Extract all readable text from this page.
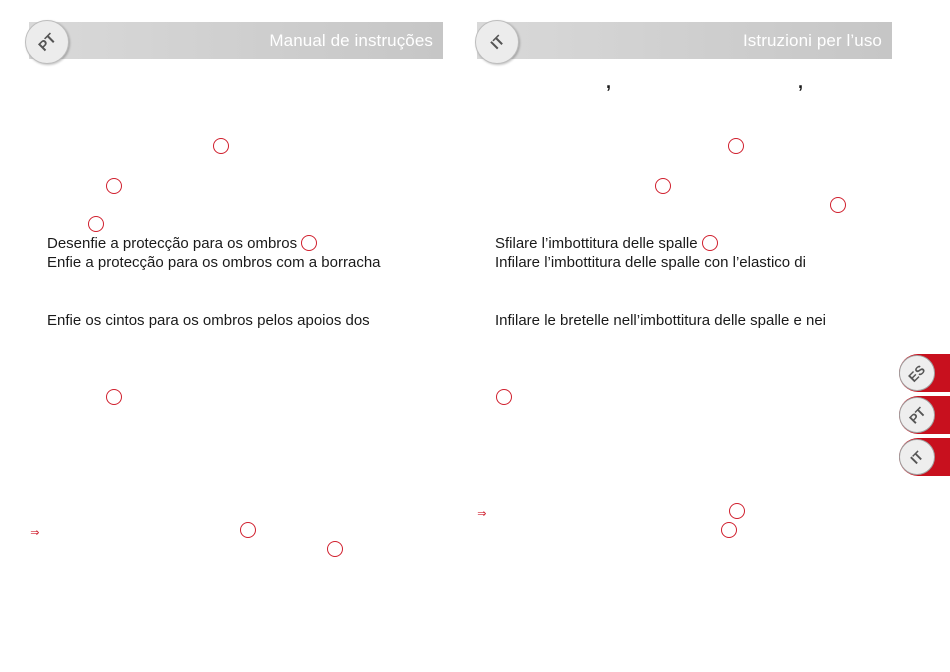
Manual de instruções
PT
Desenfie a protecção para os ombros
Enfie a protecção para os ombros com a borracha
Enfie os cintos para os ombros pelos apoios dos
⇘
Istruzioni per l’uso
IT
,	,
Sfilare l’imbottitura delle spalle
Infilare l’imbottitura delle spalle con l’elastico di
Infilare le bretelle nell’imbottitura delle spalle e nei
⇘
ES
PT
IT
